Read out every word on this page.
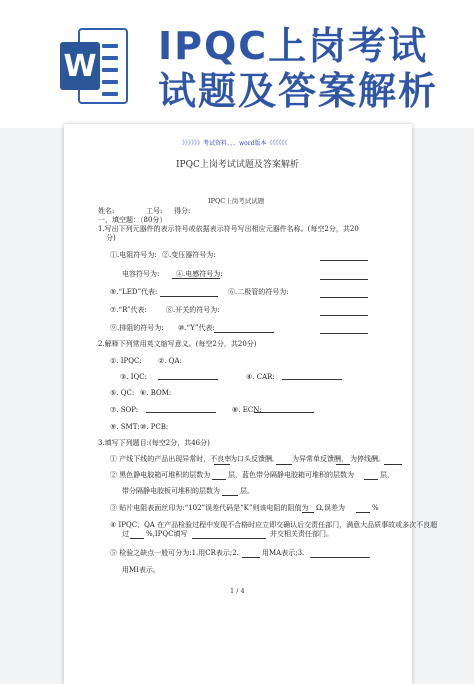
W IPQC上岗考试
试题及答案解析
》》》》》》考试资料、、、word版本《《《《《《
IPQC上岗考试试题及答案解析
IPQC上岗考试试题
姓名:	工号: 得分:
一、填空题：（80分）
1.写出下列元器件的表示符号或依据表示符号写出相应元器件名称。(每空2分，共20
分)
①.电阻符号为: ②.变压器符号为:
电容符号为: ④.电感符号为:
⑤.“LED”代表:	⑥.二极管的符号为:
⑦.“R”代表:	⑧.开关的符号为:
⑨.排阻的符号为: ⑩.“Y”代表:
2.解释下列常用英文缩写意义。(每空2分，共20分)
①. IPQC: ②. QA:
③. IQC:	④. CAR:
⑤. QC: ⑥. BOM:
⑦. SOP:	⑧. ECN:
⑨. SMT: ⑩. PCB:
3.填写下列题目:(每空2分，共46分)
① 产线下线的产品出现异常时，不良率
为口头反馈酬,	为异常单反馈酬， 为停线酬。
② 黑色静电胶箱可堆积的层数为	层，蓝色带分隔静电胶箱可堆积的层数为	层，
带分隔静电胶板可堆积的层数为	层。
③ 贴片电阻表面丝印为:“102”误差代码是“K”则该电阻的阻值为 Ω,误差为	%
④ IPQC、QA 在产品检验过程中发现不合格时应立即交确认后交责任部门，满意大品质事故或多次不良超
过 %,IPQC填写	并交相关责任部门。
⑤ 检验之缺点一般可分为:1.用CR表示;2.	用MA表示;3.
用MI表示。
1 / 4
